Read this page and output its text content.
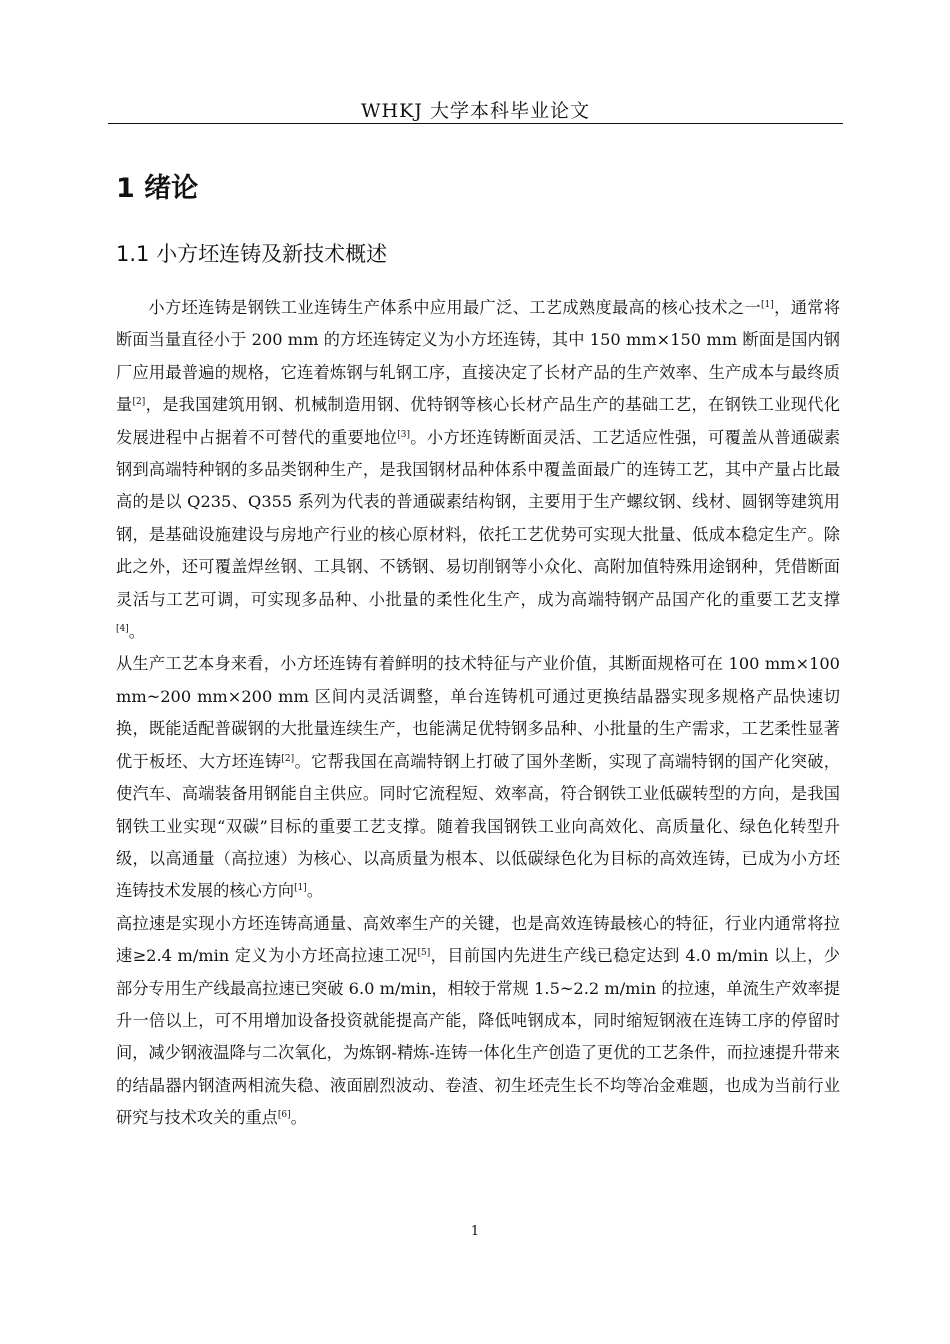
WHKJ 大学本科毕业论文
1 绪论
1.1 小方坯连铸及新技术概述

小方坯连铸是钢铁工业连铸生产体系中应用最广泛、工艺成熟度最高的核心技术之一[1]，通常将断面当量直径小于 200 mm 的方坯连铸定义为小方坯连铸，其中 150 mm×150 mm 断面是国内钢厂应用最普遍的规格，它连着炼钢与轧钢工序，直接决定了长材产品的生产效率、生产成本与最终质量[2]，是我国建筑用钢、机械制造用钢、优特钢等核心长材产品生产的基础工艺，在钢铁工业现代化发展进程中占据着不可替代的重要地位[3]。小方坯连铸断面灵活、工艺适应性强，可覆盖从普通碳素钢到高端特种钢的多品类钢种生产，是我国钢材品种体系中覆盖面最广的连铸工艺，其中产量占比最高的是以 Q235、Q355 系列为代表的普通碳素结构钢，主要用于生产螺纹钢、线材、圆钢等建筑用钢，是基础设施建设与房地产行业的核心原材料，依托工艺优势可实现大批量、低成本稳定生产。除此之外，还可覆盖焊丝钢、工具钢、不锈钢、易切削钢等小众化、高附加值特殊用途钢种，凭借断面灵活与工艺可调，可实现多品种、小批量的柔性化生产，成为高端特钢产品国产化的重要工艺支撑[4]。

从生产工艺本身来看，小方坯连铸有着鲜明的技术特征与产业价值，其断面规格可在 100 mm×100 mm~200 mm×200 mm 区间内灵活调整，单台连铸机可通过更换结晶器实现多规格产品快速切换，既能适配普碳钢的大批量连续生产，也能满足优特钢多品种、小批量的生产需求，工艺柔性显著优于板坯、大方坯连铸[2]。它帮我国在高端特钢上打破了国外垄断，实现了高端特钢的国产化突破，使汽车、高端装备用钢能自主供应。同时它流程短、效率高，符合钢铁工业低碳转型的方向，是我国钢铁工业实现“双碳”目标的重要工艺支撑。随着我国钢铁工业向高效化、高质量化、绿色化转型升级，以高通量（高拉速）为核心、以高质量为根本、以低碳绿色化为目标的高效连铸，已成为小方坯连铸技术发展的核心方向[1]。

高拉速是实现小方坯连铸高通量、高效率生产的关键，也是高效连铸最核心的特征，行业内通常将拉速≥2.4 m/min 定义为小方坯高拉速工况[5]，目前国内先进生产线已稳定达到 4.0 m/min 以上，少部分专用生产线最高拉速已突破 6.0 m/min，相较于常规 1.5~2.2 m/min 的拉速，单流生产效率提升一倍以上，可不用增加设备投资就能提高产能，降低吨钢成本，同时缩短钢液在连铸工序的停留时间，减少钢液温降与二次氧化，为炼钢-精炼-连铸一体化生产创造了更优的工艺条件，而拉速提升带来的结晶器内钢渣两相流失稳、液面剧烈波动、卷渣、初生坯壳生长不均等冶金难题，也成为当前行业研究与技术攻关的重点[6]。

1
